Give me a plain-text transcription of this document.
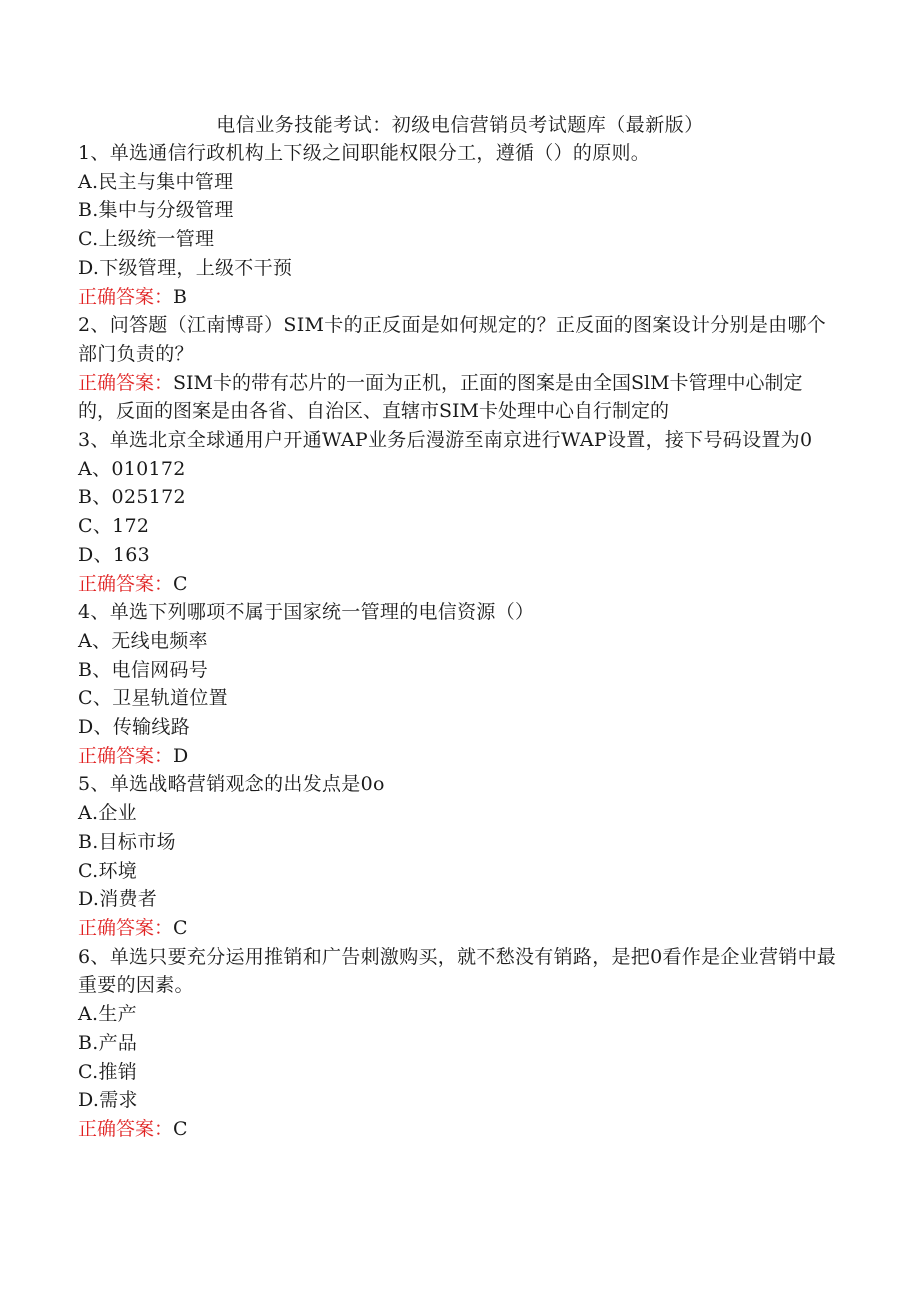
电信业务技能考试：初级电信营销员考试题库（最新版）

1、单选通信行政机构上下级之间职能权限分工，遵循（）的原则。

A.民主与集中管理

B.集中与分级管理

C.上级统一管理

D.下级管理，上级不干预

正确答案：B

2、问答题（江南博哥）SIM卡的正反面是如何规定的？正反面的图案设计分别是由哪个部门负责的？

正确答案：SIM卡的带有芯片的一面为正机，正面的图案是由全国SlM卡管理中心制定的，反面的图案是由各省、自治区、直辖市SIM卡处理中心自行制定的

3、单选北京全球通用户开通WAP业务后漫游至南京进行WAP设置，接下号码设置为0

A、010172

B、025172

C、172

D、163

正确答案：C

4、单选下列哪项不属于国家统一管理的电信资源（）

A、无线电频率

B、电信网码号

C、卫星轨道位置

D、传输线路

正确答案：D

5、单选战略营销观念的出发点是0o

A.企业

B.目标市场

C.环境

D.消费者

正确答案：C

6、单选只要充分运用推销和广告刺激购买，就不愁没有销路，是把0看作是企业营销中最重要的因素。

A.生产

B.产品

C.推销

D.需求

正确答案：C
